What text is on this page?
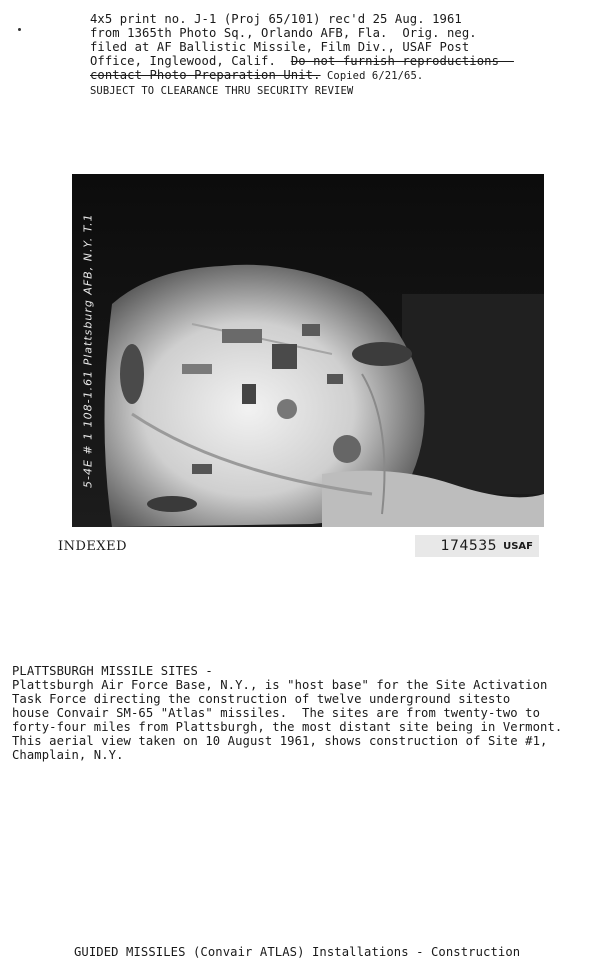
4x5 print no. J-1 (Proj 65/101) rec'd 25 Aug. 1961
from 1365th Photo Sq., Orlando AFB, Fla.  Orig. neg.
filed at AF Ballistic Missile, Film Div., USAF Post
Office, Inglewood, Calif.  Do not furnish reproductions -
contact Photo Preparation Unit. Copied 6/21/65.
SUBJECT TO CLEARANCE THRU SECURITY REVIEW
5-4E # 1 108-1.61 Plattsburg AFB, N.Y. T.1
INDEXED	174535 USAF
PLATTSBURGH MISSILE SITES -
Plattsburgh Air Force Base, N.Y., is "host base" for the Site Activation
Task Force directing the construction of twelve underground sitesto
house Convair SM-65 "Atlas" missiles.  The sites are from twenty-two to
forty-four miles from Plattsburgh, the most distant site being in Vermont.
This aerial view taken on 10 August 1961, shows construction of Site #1,
Champlain, N.Y.
GUIDED MISSILES (Convair ATLAS) Installations - Construction
